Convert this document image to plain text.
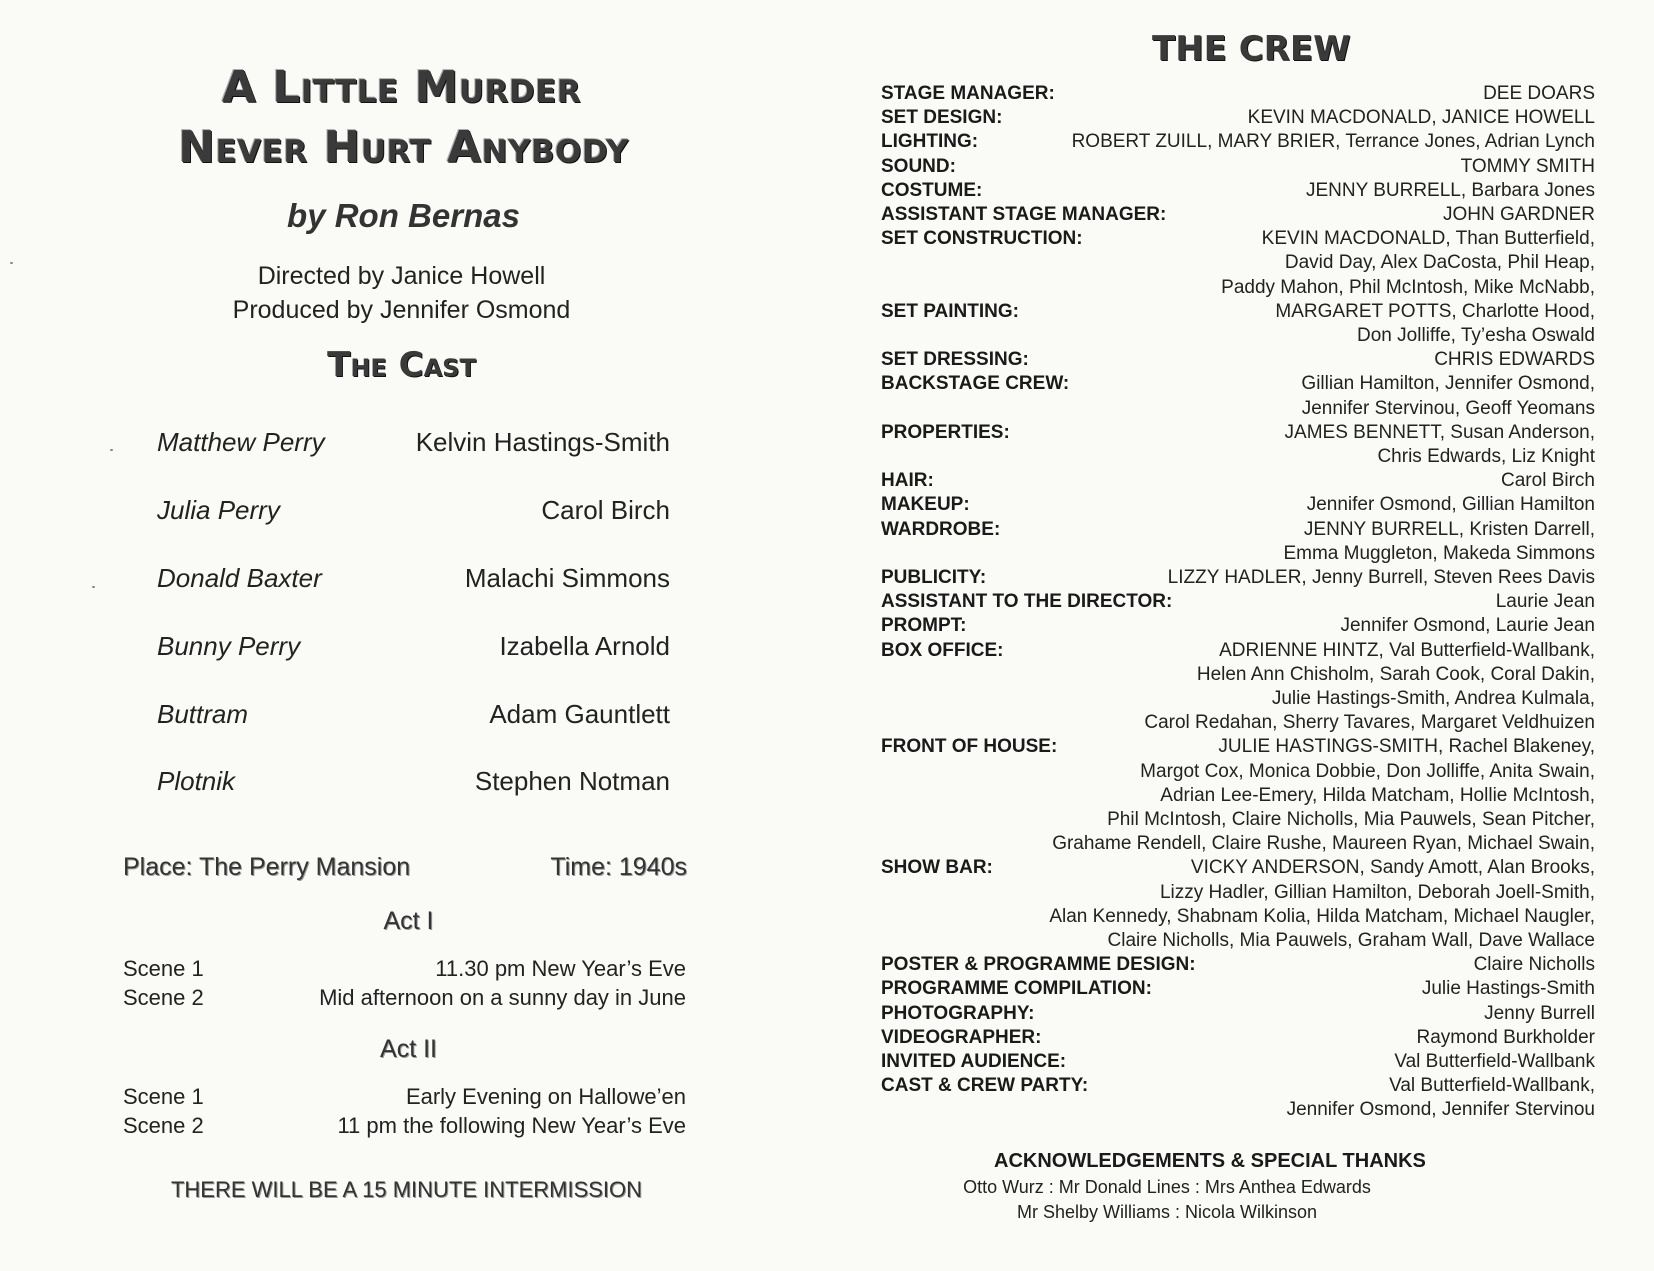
A Little Murder
Never Hurt Anybody
by Ron Bernas
Directed by Janice Howell
Produced by Jennifer Osmond
The Cast
Matthew Perry	Kelvin Hastings-Smith
Julia Perry	Carol Birch
Donald Baxter	Malachi Simmons
Bunny Perry	Izabella Arnold
Buttram	Adam Gauntlett
Plotnik	Stephen Notman
Place: The Perry Mansion	Time: 1940s
Act I
Scene 1	11.30 pm New Year’s Eve
Scene 2	Mid afternoon on a sunny day in June
Act II
Scene 1	Early Evening on Hallowe’en
Scene 2	11 pm the following New Year’s Eve
THERE WILL BE A 15 MINUTE INTERMISSION
THE CREW
STAGE MANAGER:	DEE DOARS
SET DESIGN:	KEVIN MACDONALD, JANICE HOWELL
LIGHTING:	ROBERT ZUILL, MARY BRIER, Terrance Jones, Adrian Lynch
SOUND:	TOMMY SMITH
COSTUME:	JENNY BURRELL, Barbara Jones
ASSISTANT STAGE MANAGER:	JOHN GARDNER
SET CONSTRUCTION:	KEVIN MACDONALD, Than Butterfield,
David Day, Alex DaCosta, Phil Heap,
Paddy Mahon, Phil McIntosh, Mike McNabb,
SET PAINTING:	MARGARET POTTS, Charlotte Hood,
Don Jolliffe, Ty’esha Oswald
SET DRESSING:	CHRIS EDWARDS
BACKSTAGE CREW:	Gillian Hamilton, Jennifer Osmond,
Jennifer Stervinou, Geoff Yeomans
PROPERTIES:	JAMES BENNETT, Susan Anderson,
Chris Edwards, Liz Knight
HAIR:	Carol Birch
MAKEUP:	Jennifer Osmond, Gillian Hamilton
WARDROBE:	JENNY BURRELL, Kristen Darrell,
Emma Muggleton, Makeda Simmons
PUBLICITY:	LIZZY HADLER, Jenny Burrell, Steven Rees Davis
ASSISTANT TO THE DIRECTOR:	Laurie Jean
PROMPT:	Jennifer Osmond, Laurie Jean
BOX OFFICE:	ADRIENNE HINTZ, Val Butterfield-Wallbank,
Helen Ann Chisholm, Sarah Cook, Coral Dakin,
Julie Hastings-Smith, Andrea Kulmala,
Carol Redahan, Sherry Tavares, Margaret Veldhuizen
FRONT OF HOUSE:	JULIE HASTINGS-SMITH, Rachel Blakeney,
Margot Cox, Monica Dobbie, Don Jolliffe, Anita Swain,
Adrian Lee-Emery, Hilda Matcham, Hollie McIntosh,
Phil McIntosh, Claire Nicholls, Mia Pauwels, Sean Pitcher,
Grahame Rendell, Claire Rushe, Maureen Ryan, Michael Swain,
SHOW BAR:	VICKY ANDERSON, Sandy Amott, Alan Brooks,
Lizzy Hadler, Gillian Hamilton, Deborah Joell-Smith,
Alan Kennedy, Shabnam Kolia, Hilda Matcham, Michael Naugler,
Claire Nicholls, Mia Pauwels, Graham Wall, Dave Wallace
POSTER & PROGRAMME DESIGN:	Claire Nicholls
PROGRAMME COMPILATION:	Julie Hastings-Smith
PHOTOGRAPHY:	Jenny Burrell
VIDEOGRAPHER:	Raymond Burkholder
INVITED AUDIENCE:	Val Butterfield-Wallbank
CAST & CREW PARTY:	Val Butterfield-Wallbank,
Jennifer Osmond, Jennifer Stervinou
ACKNOWLEDGEMENTS & SPECIAL THANKS
Otto Wurz : Mr Donald Lines : Mrs Anthea Edwards
Mr Shelby Williams : Nicola Wilkinson
